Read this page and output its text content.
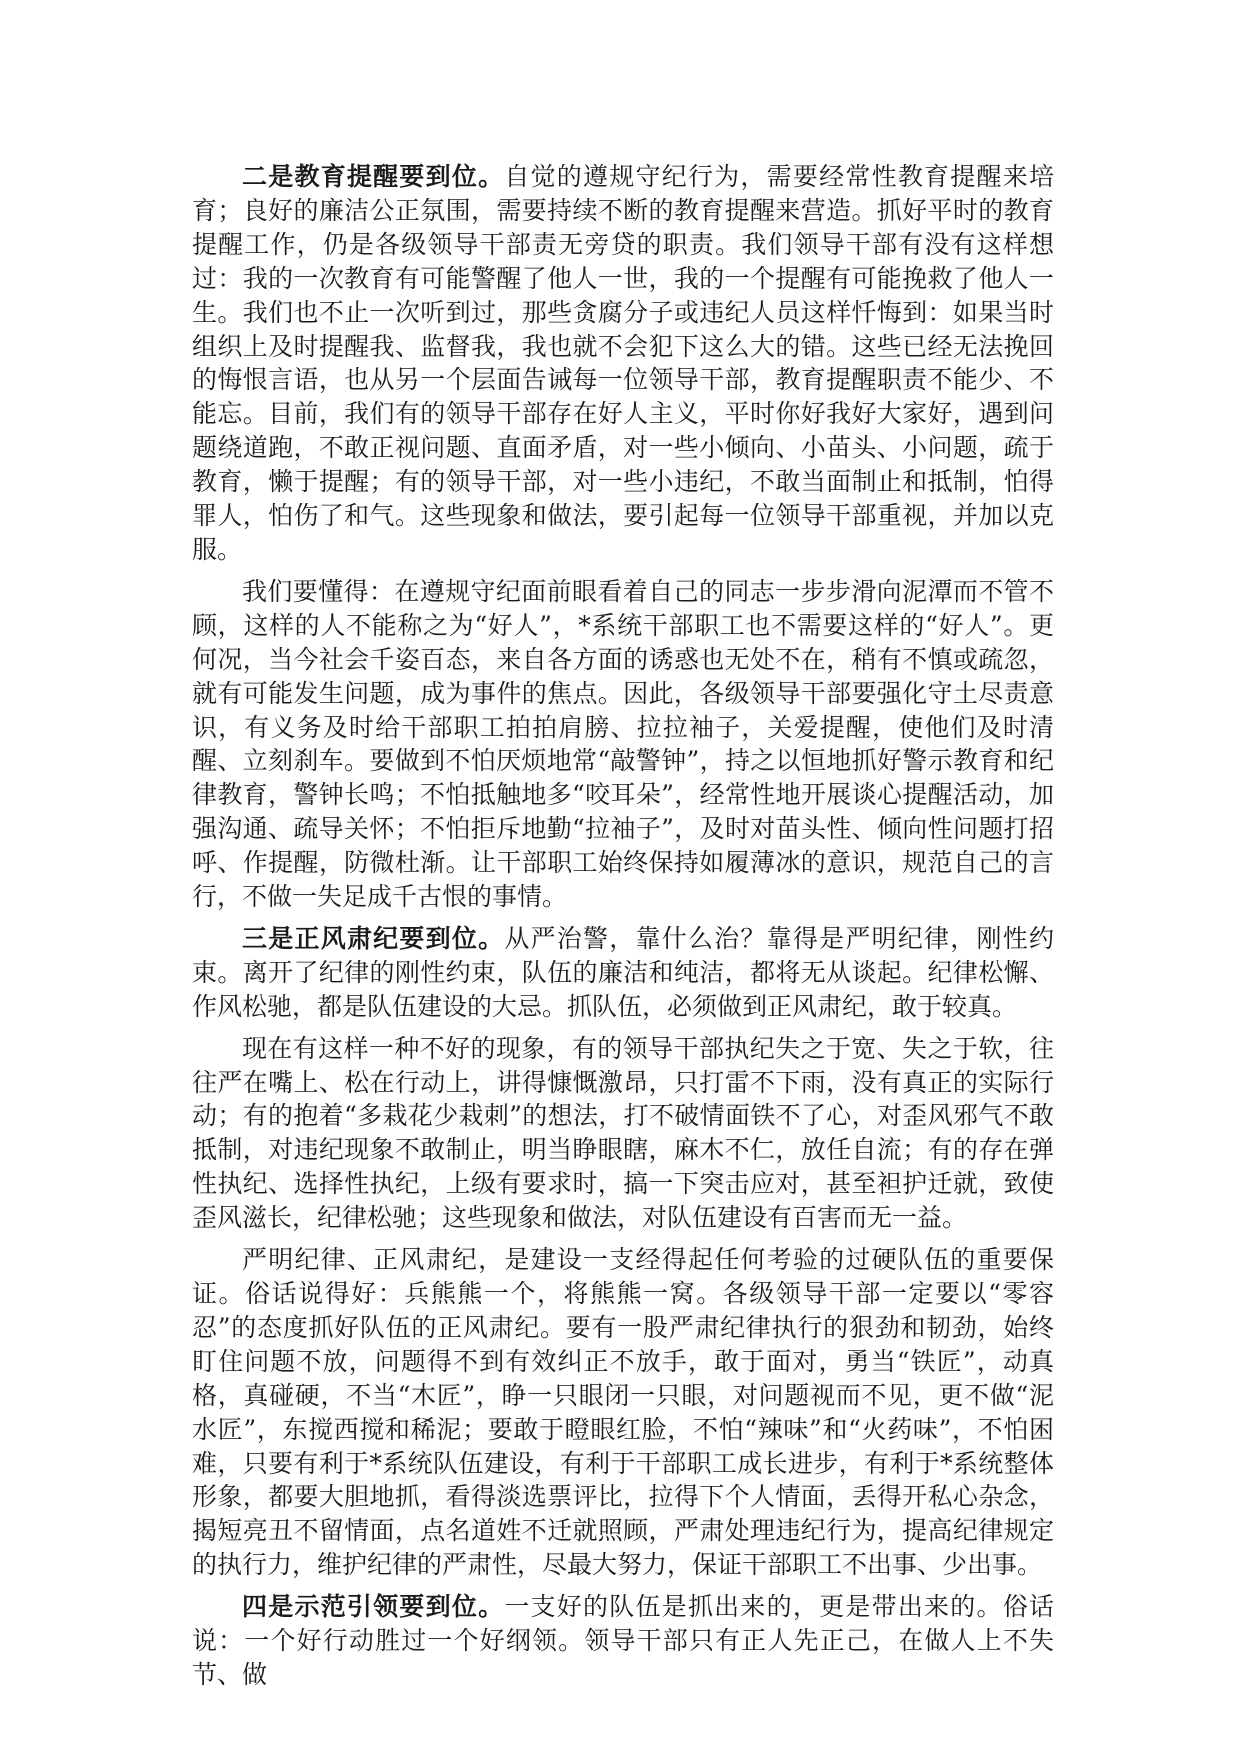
二是教育提醒要到位。自觉的遵规守纪行为，需要经常性教育提醒来培育；良好的廉洁公正氛围，需要持续不断的教育提醒来营造。抓好平时的教育提醒工作，仍是各级领导干部责无旁贷的职责。我们领导干部有没有这样想过：我的一次教育有可能警醒了他人一世，我的一个提醒有可能挽救了他人一生。我们也不止一次听到过，那些贪腐分子或违纪人员这样忏悔到：如果当时组织上及时提醒我、监督我，我也就不会犯下这么大的错。这些已经无法挽回的悔恨言语，也从另一个层面告诫每一位领导干部，教育提醒职责不能少、不能忘。目前，我们有的领导干部存在好人主义，平时你好我好大家好，遇到问题绕道跑，不敢正视问题、直面矛盾，对一些小倾向、小苗头、小问题，疏于教育，懒于提醒；有的领导干部，对一些小违纪，不敢当面制止和抵制，怕得罪人，怕伤了和气。这些现象和做法，要引起每一位领导干部重视，并加以克服。

我们要懂得：在遵规守纪面前眼看着自己的同志一步步滑向泥潭而不管不顾，这样的人不能称之为“好人”，*系统干部职工也不需要这样的“好人”。更何况，当今社会千姿百态，来自各方面的诱惑也无处不在，稍有不慎或疏忽，就有可能发生问题，成为事件的焦点。因此，各级领导干部要强化守土尽责意识，有义务及时给干部职工拍拍肩膀、拉拉袖子，关爱提醒，使他们及时清醒、立刻刹车。要做到不怕厌烦地常“敲警钟”，持之以恒地抓好警示教育和纪律教育，警钟长鸣；不怕抵触地多“咬耳朵”，经常性地开展谈心提醒活动，加强沟通、疏导关怀；不怕拒斥地勤“拉袖子”，及时对苗头性、倾向性问题打招呼、作提醒，防微杜渐。让干部职工始终保持如履薄冰的意识，规范自己的言行，不做一失足成千古恨的事情。

三是正风肃纪要到位。从严治警，靠什么治？靠得是严明纪律，刚性约束。离开了纪律的刚性约束，队伍的廉洁和纯洁，都将无从谈起。纪律松懈、作风松驰，都是队伍建设的大忌。抓队伍，必须做到正风肃纪，敢于较真。

现在有这样一种不好的现象，有的领导干部执纪失之于宽、失之于软，往往严在嘴上、松在行动上，讲得慷慨激昂，只打雷不下雨，没有真正的实际行动；有的抱着“多栽花少栽刺”的想法，打不破情面铁不了心，对歪风邪气不敢抵制，对违纪现象不敢制止，明当睁眼瞎，麻木不仁，放任自流；有的存在弹性执纪、选择性执纪，上级有要求时，搞一下突击应对，甚至袒护迁就，致使歪风滋长，纪律松驰；这些现象和做法，对队伍建设有百害而无一益。

严明纪律、正风肃纪，是建设一支经得起任何考验的过硬队伍的重要保证。俗话说得好：兵熊熊一个，将熊熊一窝。各级领导干部一定要以“零容忍”的态度抓好队伍的正风肃纪。要有一股严肃纪律执行的狠劲和韧劲，始终盯住问题不放，问题得不到有效纠正不放手，敢于面对，勇当“铁匠”，动真格，真碰硬，不当“木匠”，睁一只眼闭一只眼，对问题视而不见，更不做“泥水匠”，东搅西搅和稀泥；要敢于瞪眼红脸，不怕“辣味”和“火药味”，不怕困难，只要有利于*系统队伍建设，有利于干部职工成长进步，有利于*系统整体形象，都要大胆地抓，看得淡选票评比，拉得下个人情面，丢得开私心杂念，揭短亮丑不留情面，点名道姓不迁就照顾，严肃处理违纪行为，提高纪律规定的执行力，维护纪律的严肃性，尽最大努力，保证干部职工不出事、少出事。

四是示范引领要到位。一支好的队伍是抓出来的，更是带出来的。俗话说：一个好行动胜过一个好纲领。领导干部只有正人先正己，在做人上不失节、做
